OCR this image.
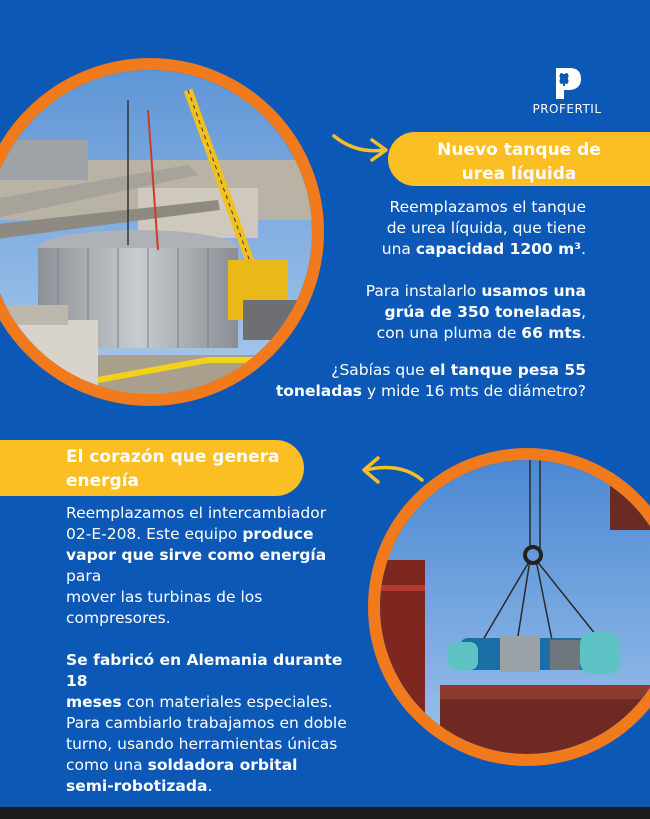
PROFERTIL
Nuevo tanque de
urea líquida
Reemplazamos el tanque
de urea líquida, que tiene
una capacidad 1200 m³.
Para instalarlo usamos una
grúa de 350 toneladas,
con una pluma de 66 mts.
¿Sabías que el tanque pesa 55
toneladas y mide 16 mts de diámetro?
El corazón que genera
energía
Reemplazamos el intercambiador
02-E-208. Este equipo produce
vapor que sirve como energía para
mover las turbinas de los
compresores.
Se fabricó en Alemania durante 18
meses con materiales especiales.
Para cambiarlo trabajamos en doble
turno, usando herramientas únicas
como una soldadora orbital
semi-robotizada.
